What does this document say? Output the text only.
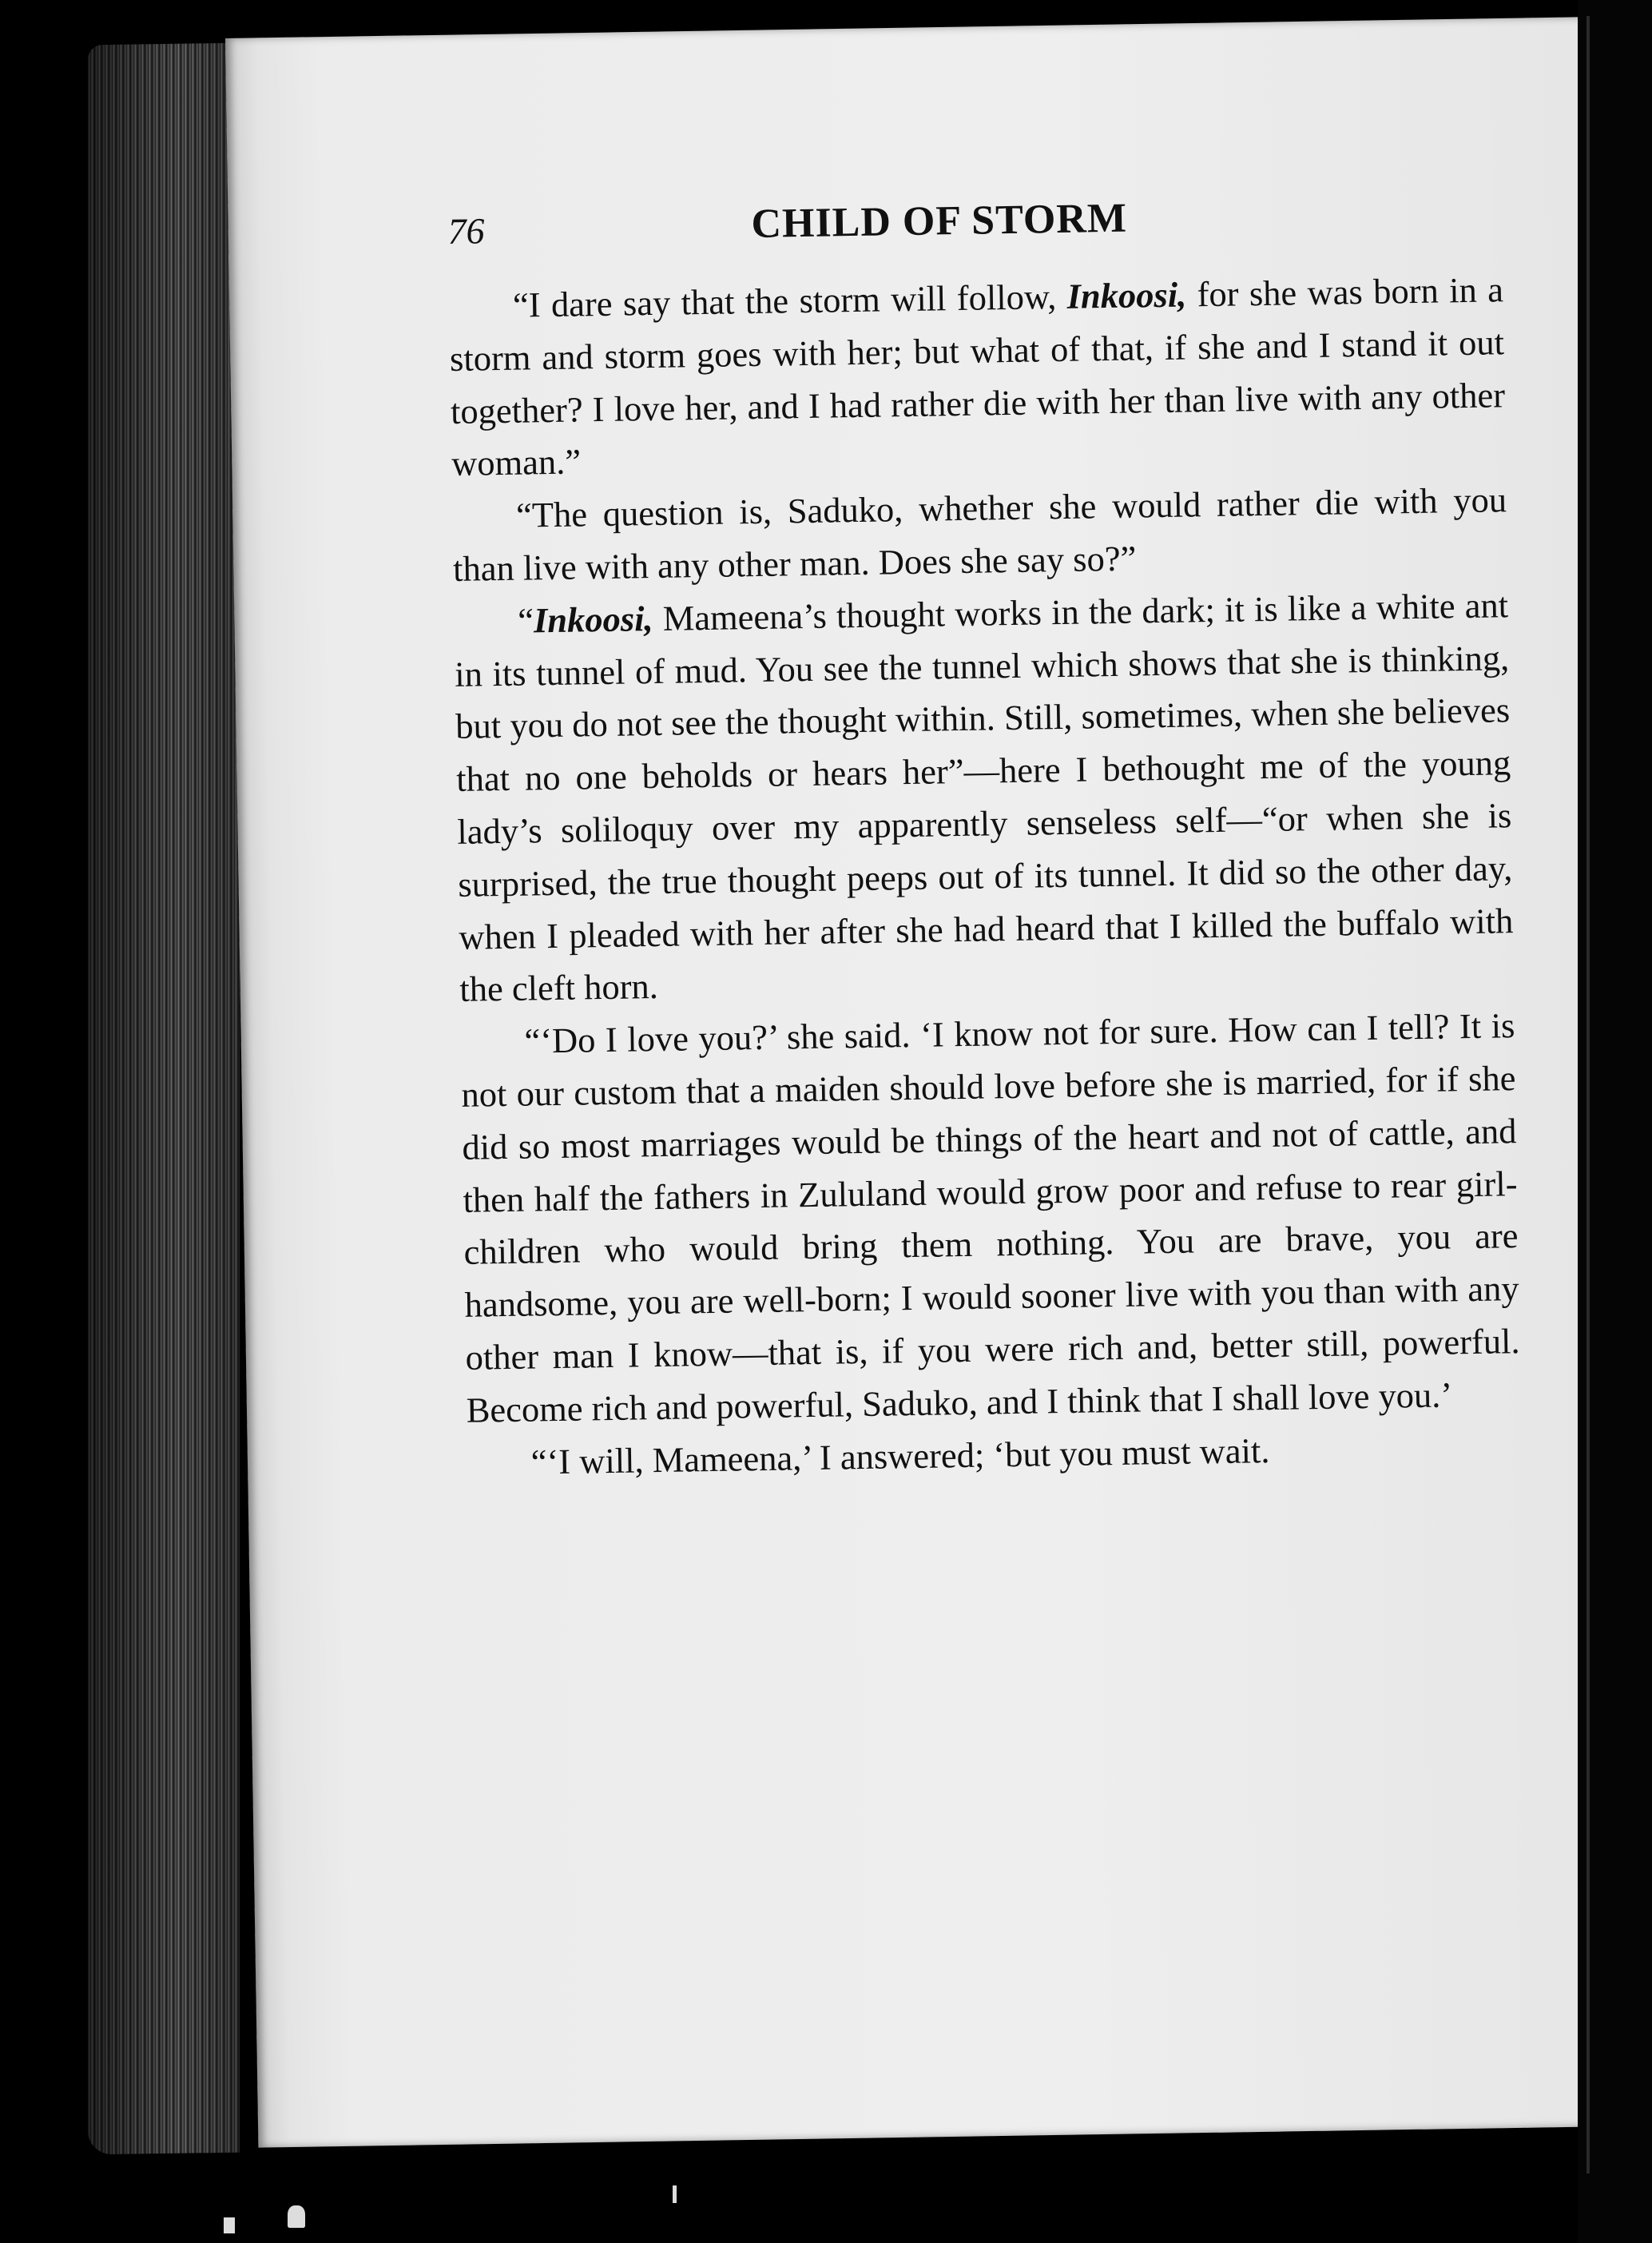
76	CHILD OF STORM

“I dare say that the storm will follow, Inkoosi, for she was born in a storm and storm goes with her; but what of that, if she and I stand it out together? I love her, and I had rather die with her than live with any other woman.”

“The question is, Saduko, whether she would rather die with you than live with any other man. Does she say so?”

“Inkoosi, Mameena’s thought works in the dark; it is like a white ant in its tunnel of mud. You see the tunnel which shows that she is thinking, but you do not see the thought within. Still, sometimes, when she believes that no one beholds or hears her”—here I bethought me of the young lady’s soliloquy over my apparently senseless self—“or when she is surprised, the true thought peeps out of its tunnel. It did so the other day, when I pleaded with her after she had heard that I killed the buffalo with the cleft horn.

“‘Do I love you?’ she said. ‘I know not for sure. How can I tell? It is not our custom that a maiden should love before she is married, for if she did so most marriages would be things of the heart and not of cattle, and then half the fathers in Zululand would grow poor and refuse to rear girl-children who would bring them nothing. You are brave, you are handsome, you are well-born; I would sooner live with you than with any other man I know—that is, if you were rich and, better still, powerful. Become rich and powerful, Saduko, and I think that I shall love you.’

“‘I will, Mameena,’ I answered; ‘but you must wait.
